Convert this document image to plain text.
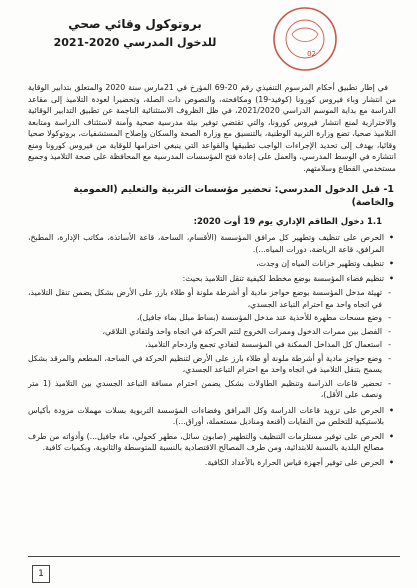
02

بروتوكول وقائي صحي

للدخول المدرسي 2020-2021

في إطار تطبيق أحكام المرسوم التنفيذي رقم 20-69 المؤرخ في 21مارس سنة 2020 والمتعلق بتدابير الوقاية من انتشار وباء فيروس كورونا (كوفيد-19) ومكافحته، والنصوص ذات الصلة، وتحضيرا لعودة التلاميذ إلى مقاعد الدراسة مع بداية الموسم الدراسي 2021/2020، في ظل الظروف الاستثنائية الناجمة عن تطبيق التدابير الوقائية والاحترازية لمنع انتشار فيروس كورونا، والتي تقتضي توفير بيئة مدرسية صحية وآمنة لاستئناف الدراسة ومتابعة التلاميذ صحيا، تضع وزارة التربية الوطنية، بالتنسيق مع وزارة الصحة والسكان وإصلاح المستشفيات، بروتوكولا صحيا وقائيا، يهدف إلى تحديد الإجراءات الواجب تطبيقها والقواعد التي ينبغي احترامها للوقاية من فيروس كورونا ومنع انتشاره في الوسط المدرسي، والعمل على إعادة فتح المؤسسات المدرسية مع المحافظة على صحة التلاميذ وجميع مستخدمي القطاع وسلامتهم.

1- قبل الدخول المدرسي: تحضير مؤسسات التربية والتعليم (العمومية والخاصة)
1.1 دخول الطاقم الإداري يوم 19 أوت 2020:
• الحرص على تنظيف وتطهير كل مرافق المؤسسة (الأقسام، الساحة، قاعة الأساتذة، مكاتب الإدارة، المطبخ، المرافق، قاعة الرياضة، دورات المياه...).
• تنظيف وتطهير خزانات المياه إن وجدت،
• تنظيم فضاء المؤسسة بوضع مخطط لكيفية تنقل التلاميذ بحيث:
- تهيئة مدخل المؤسسة بوضع حواجز مادية أو أشرطة ملونة أو طلاء بارز على الأرض بشكل يضمن تنقل التلاميذ، في اتجاه واحد مع احترام التباعد الجسدي،
- وضع مسحات مطهرة للأحذية عند مدخل المؤسسة (بساط مبلل بماء جافيل)،
- الفصل بين ممرات الدخول وممرات الخروج لتتم الحركة في اتجاه واحد ولتفادي التلاقي،
- استعمال كل المداخل الممكنة في المؤسسة لتفادي تجمع وازدحام التلاميذ،
- وضع حواجز مادية أو أشرطة ملونة أو طلاء بارز على الأرض لتنظيم الحركة في الساحة، المطعم والمرقد بشكل يسمح بتنقل التلاميذ في اتجاه واحد مع احترام التباعد الجسدي،
- تحضير قاعات الدراسة وتنظيم الطاولات بشكل يضمن احترام مسافة التباعد الجسدي بين التلاميذ (1 متر ونصف على الأقل)،
• الحرص على تزويد قاعات الدراسة وكل المرافق وفضاءات المؤسسة التربوية بسلات مهملات مزودة بأكياس بلاستيكية للتخلص من النفايات (أقنعة ومناديل مستعملة، أوراق...).
• الحرص على توفير مستلزمات التنظيف والتطهير (صابون سائل، مطهر كحولي، ماء جافيل...) وأدواته من طرف مصالح البلدية بالنسبة للابتدائية، ومن طرف المصالح الاقتصادية بالنسبة للمتوسطة والثانوية، وبكميات كافية.
• الحرص على توفير أجهزة قياس الحرارة بالأعداد الكافية.
1
